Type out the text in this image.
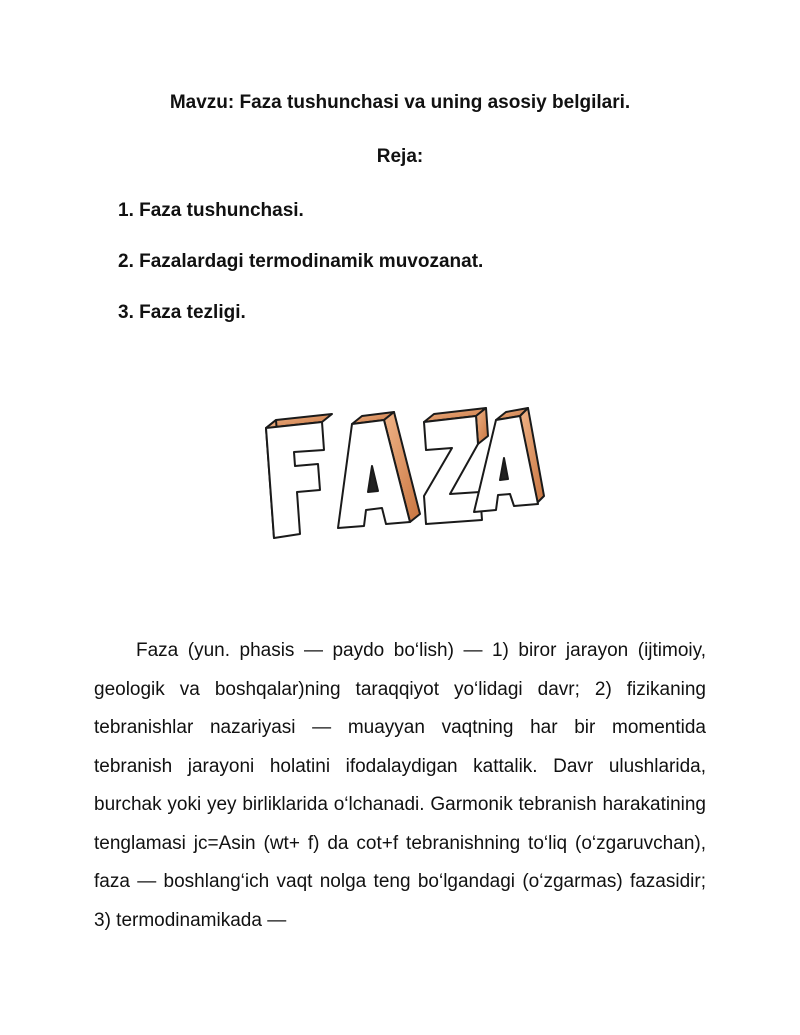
Mavzu: Faza tushunchasi va uning asosiy belgilari.
Reja:
1. Faza tushunchasi.
2. Fazalardagi termodinamik muvozanat.
3. Faza tezligi.

Faza (yun. phasis — paydo bo‘lish) — 1) biror jarayon (ijtimoiy, geologik va boshqalar)ning taraqqiyot yo‘lidagi davr; 2) fizikaning tebranishlar nazariyasi — muayyan vaqtning har bir momentida tebranish jarayoni holatini ifodalaydigan kattalik. Davr ulushlarida, burchak yoki yey birliklarida o‘lchanadi. Garmonik tebranish harakatining tenglamasi jc=Asin (wt+ f) da cot+f tebranishning to‘liq (o‘zgaruvchan), faza — boshlang‘ich vaqt nolga teng bo‘lgandagi (o‘zgarmas) fazasidir; 3) termodinamikada —
